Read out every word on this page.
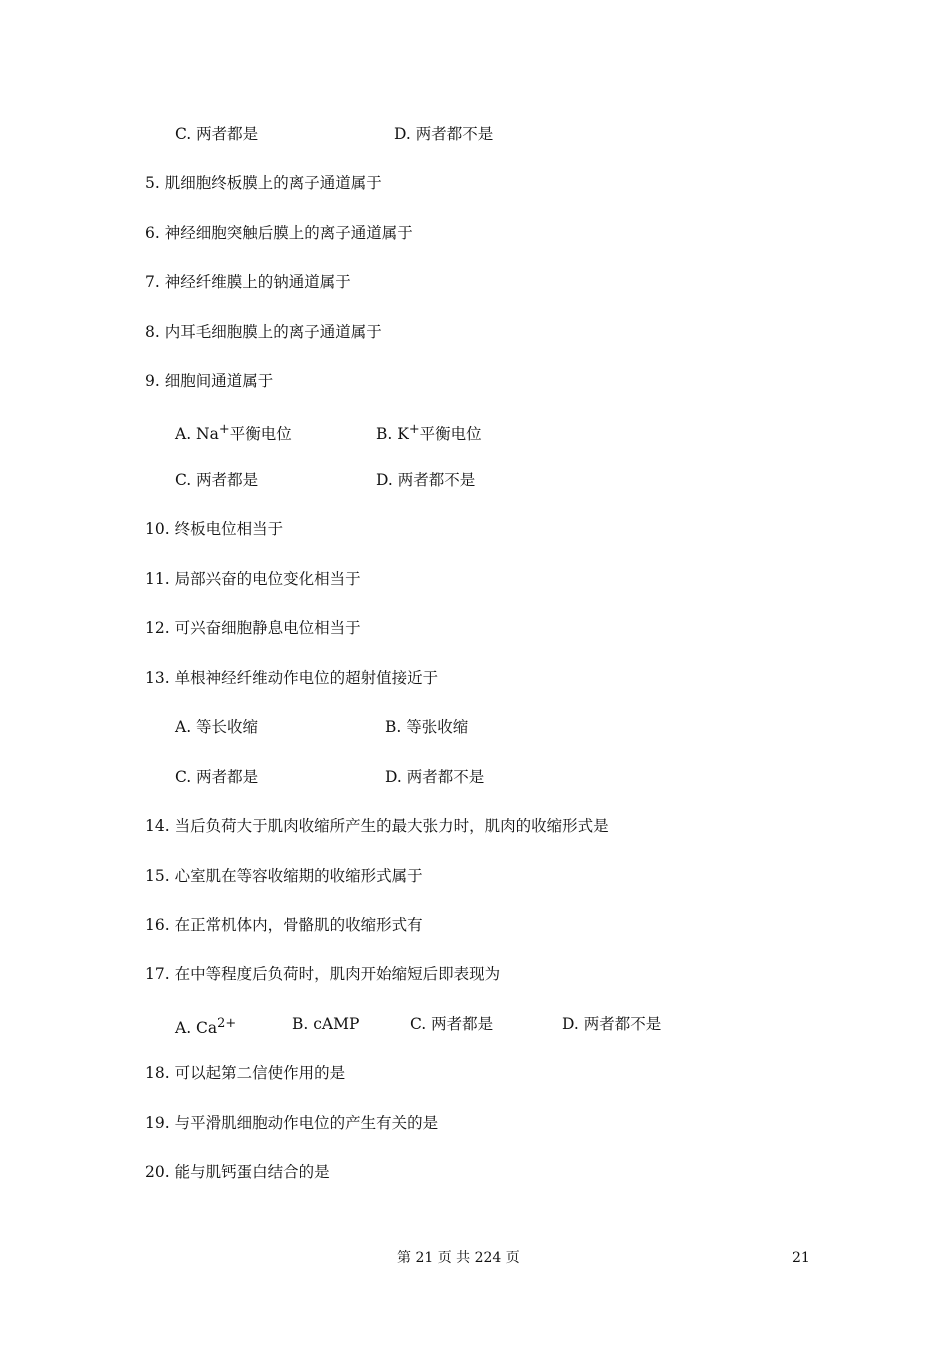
C. 两者都是	D. 两者都不是
5. 肌细胞终板膜上的离子通道属于
6. 神经细胞突触后膜上的离子通道属于
7. 神经纤维膜上的钠通道属于
8. 内耳毛细胞膜上的离子通道属于
9. 细胞间通道属于
A. Na+平衡电位	B. K+平衡电位
C. 两者都是	D. 两者都不是
10. 终板电位相当于
11. 局部兴奋的电位变化相当于
12. 可兴奋细胞静息电位相当于
13. 单根神经纤维动作电位的超射值接近于
A. 等长收缩	B. 等张收缩
C. 两者都是	D. 两者都不是
14. 当后负荷大于肌肉收缩所产生的最大张力时，肌肉的收缩形式是
15. 心室肌在等容收缩期的收缩形式属于
16. 在正常机体内，骨骼肌的收缩形式有
17. 在中等程度后负荷时，肌肉开始缩短后即表现为
A. $Ca^{2+}$	B. cAMP	C. 两者都是	D. 两者都不是
18. 可以起第二信使作用的是
19. 与平滑肌细胞动作电位的产生有关的是
20. 能与肌钙蛋白结合的是
第 21 页 共 224 页	21
